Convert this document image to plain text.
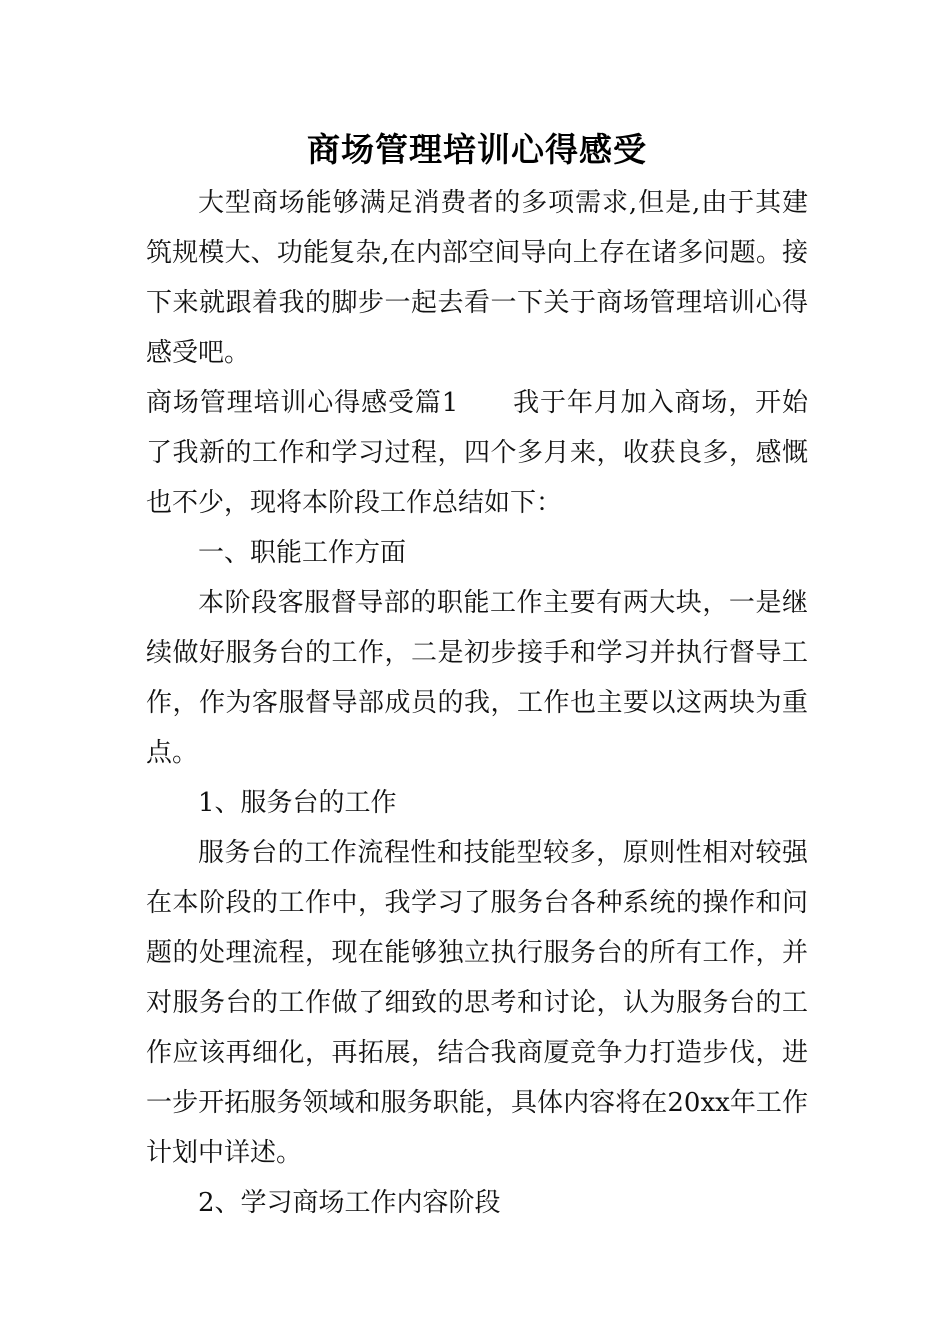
商场管理培训心得感受

大型商场能够满足消费者的多项需求,但是,由于其建筑规模大、功能复杂,在内部空间导向上存在诸多问题。接下来就跟着我的脚步一起去看一下关于商场管理培训心得感受吧。

商场管理培训心得感受篇1 我于年月加入商场，开始了我新的工作和学习过程，四个多月来，收获良多，感慨也不少，现将本阶段工作总结如下：

一、职能工作方面

本阶段客服督导部的职能工作主要有两大块，一是继续做好服务台的工作，二是初步接手和学习并执行督导工作，作为客服督导部成员的我，工作也主要以这两块为重点。

1、服务台的工作

服务台的工作流程性和技能型较多，原则性相对较强在本阶段的工作中，我学习了服务台各种系统的操作和问题的处理流程，现在能够独立执行服务台的所有工作，并对服务台的工作做了细致的思考和讨论，认为服务台的工作应该再细化，再拓展，结合我商厦竞争力打造步伐，进一步开拓服务领域和服务职能，具体内容将在20xx年工作计划中详述。

2、学习商场工作内容阶段
